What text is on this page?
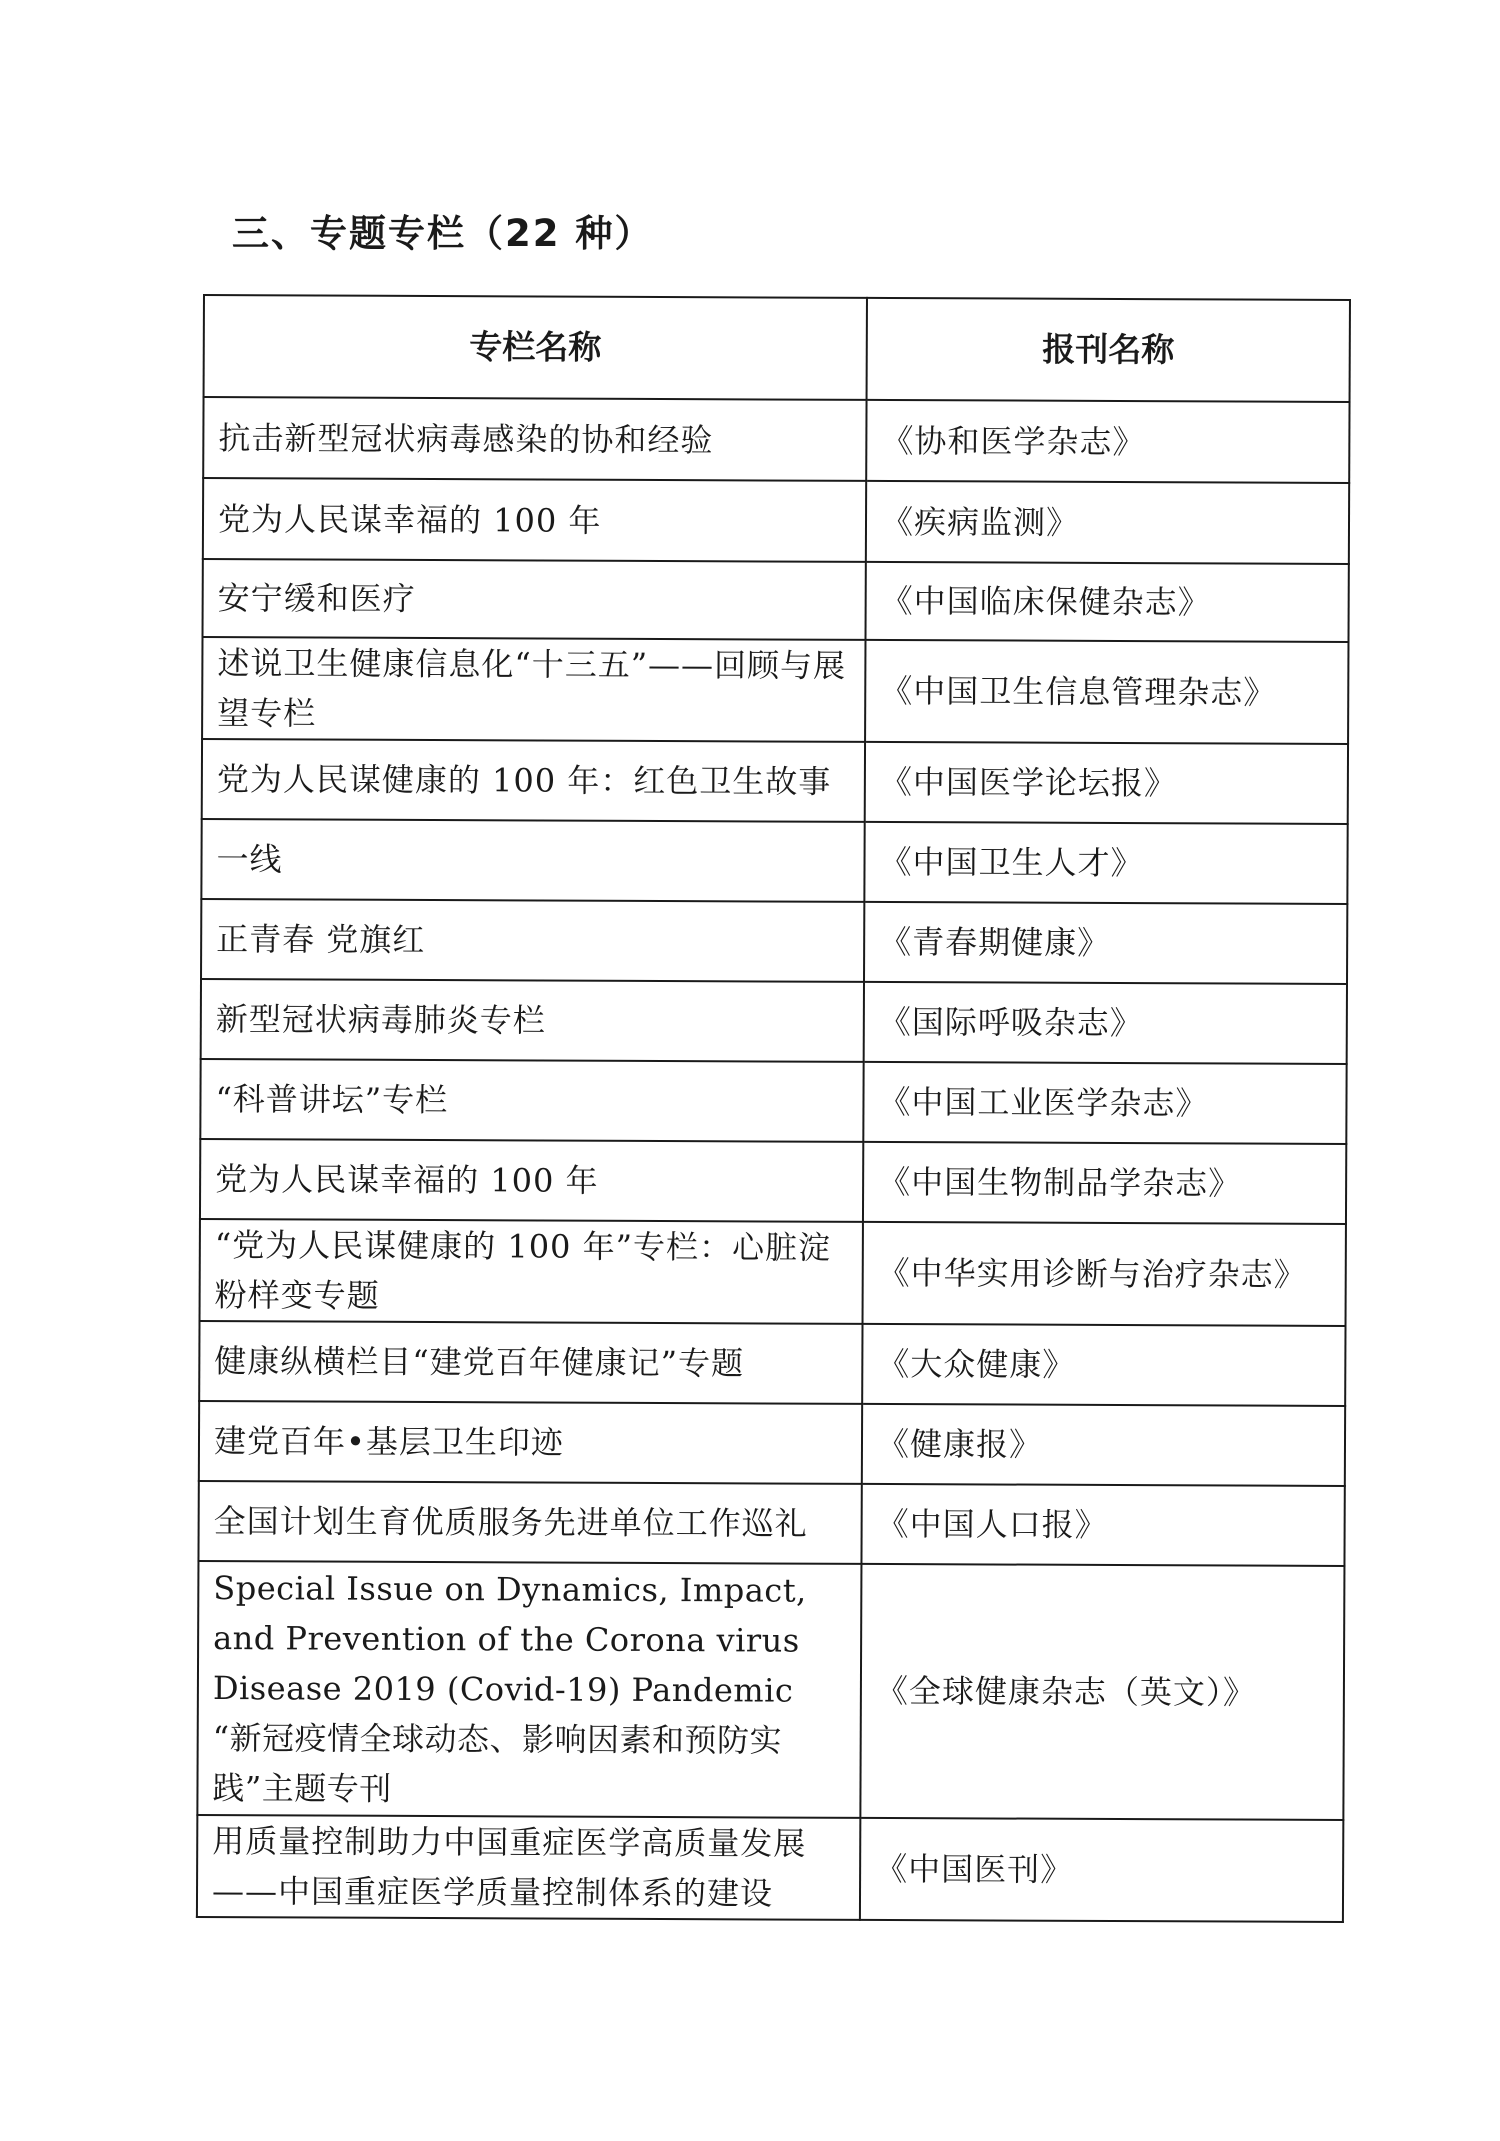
三、专题专栏（22 种）
专栏名称	报刊名称
抗击新型冠状病毒感染的协和经验	《协和医学杂志》
党为人民谋幸福的 100 年	《疾病监测》
安宁缓和医疗	《中国临床保健杂志》
述说卫生健康信息化“十三五”——回顾与展望专栏	《中国卫生信息管理杂志》
党为人民谋健康的 100 年：红色卫生故事	《中国医学论坛报》
一线	《中国卫生人才》
正青春 党旗红	《青春期健康》
新型冠状病毒肺炎专栏	《国际呼吸杂志》
“科普讲坛”专栏	《中国工业医学杂志》
党为人民谋幸福的 100 年	《中国生物制品学杂志》
“党为人民谋健康的 100 年”专栏：心脏淀粉样变专题	《中华实用诊断与治疗杂志》
健康纵横栏目“建党百年健康记”专题	《大众健康》
建党百年•基层卫生印迹	《健康报》
全国计划生育优质服务先进单位工作巡礼	《中国人口报》
Special Issue on Dynamics, Impact, and Prevention of the Corona virus Disease 2019 (Covid-19) Pandemic “新冠疫情全球动态、影响因素和预防实践”主题专刊	《全球健康杂志（英文）》
用质量控制助力中国重症医学高质量发展——中国重症医学质量控制体系的建设	《中国医刊》
